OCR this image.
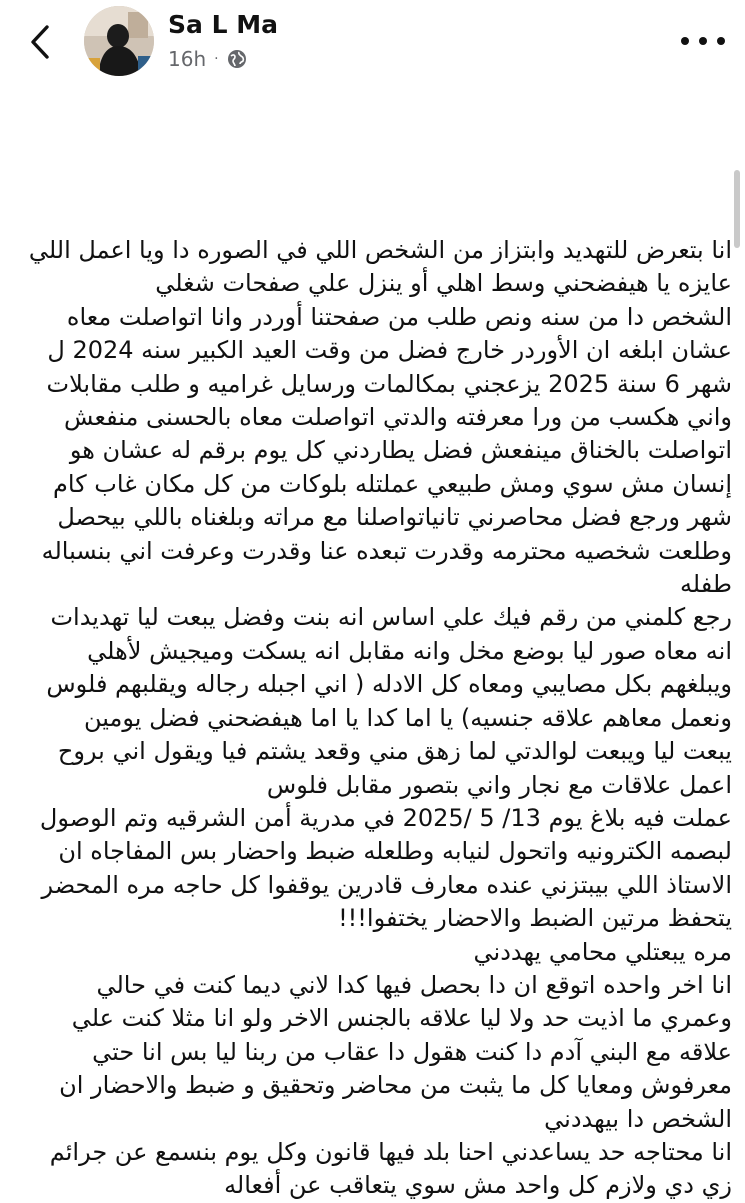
Sa L Ma
16h ·
انا بتعرض للتهديد وابتزاز من الشخص اللي في الصوره دا ويا اعمل اللي
عايزه يا هيفضحني وسط اهلي أو ينزل علي صفحات شغلي
الشخص دا من سنه ونص طلب من صفحتنا أوردر وانا اتواصلت معاه
عشان ابلغه ان الأوردر خارج فضل من وقت العيد الكبير سنه 2024 ل
شهر 6 سنة 2025 يزعجني بمكالمات ورسايل غراميه و طلب مقابلات
واني هكسب من ورا معرفته والدتي اتواصلت معاه بالحسنى منفعش
اتواصلت بالخناق مينفعش فضل يطاردني كل يوم برقم له عشان هو
إنسان مش سوي ومش طبيعي عملتله بلوكات من كل مكان غاب كام
شهر ورجع فضل محاصرني تانياتواصلنا مع مراته وبلغناه باللي بيحصل
وطلعت شخصيه محترمه وقدرت تبعده عنا وقدرت وعرفت اني بنسباله
طفله
رجع كلمني من رقم فيك علي اساس انه بنت وفضل يبعت ليا تهديدات
انه معاه صور ليا بوضع مخل وانه مقابل انه يسكت وميجيش لأهلي
ويبلغهم بكل مصايبي ومعاه كل الادله ( اني اجبله رجاله ويقلبهم فلوس
ونعمل معاهم علاقه جنسيه) يا اما كدا يا اما هيفضحني فضل يومين
يبعت ليا ويبعت لوالدتي لما زهق مني وقعد يشتم فيا ويقول اني بروح
اعمل علاقات مع نجار واني بتصور مقابل فلوس
عملت فيه بلاغ يوم 13/ 5 /2025 في مدرية أمن الشرقيه وتم الوصول
لبصمه الكترونيه واتحول لنيابه وطلعله ضبط واحضار بس المفاجاه ان
الاستاذ اللي بيبتزني عنده معارف قادرين يوقفوا كل حاجه مره المحضر
يتحفظ مرتين الضبط والاحضار يختفوا!!!
مره يبعتلي محامي يهددني
انا اخر واحده اتوقع ان دا بحصل فيها كدا لاني ديما كنت في حالي
وعمري ما اذيت حد ولا ليا علاقه بالجنس الاخر ولو انا مثلا كنت علي
علاقه مع البني آدم دا كنت هقول دا عقاب من ربنا ليا بس انا حتي
معرفوش ومعايا كل ما يثبت من محاضر وتحقيق و ضبط والاحضار ان
الشخص دا بيهددني
انا محتاجه حد يساعدني احنا بلد فيها قانون وكل يوم بنسمع عن جرائم
زي دي ولازم كل واحد مش سوي يتعاقب عن أفعاله
